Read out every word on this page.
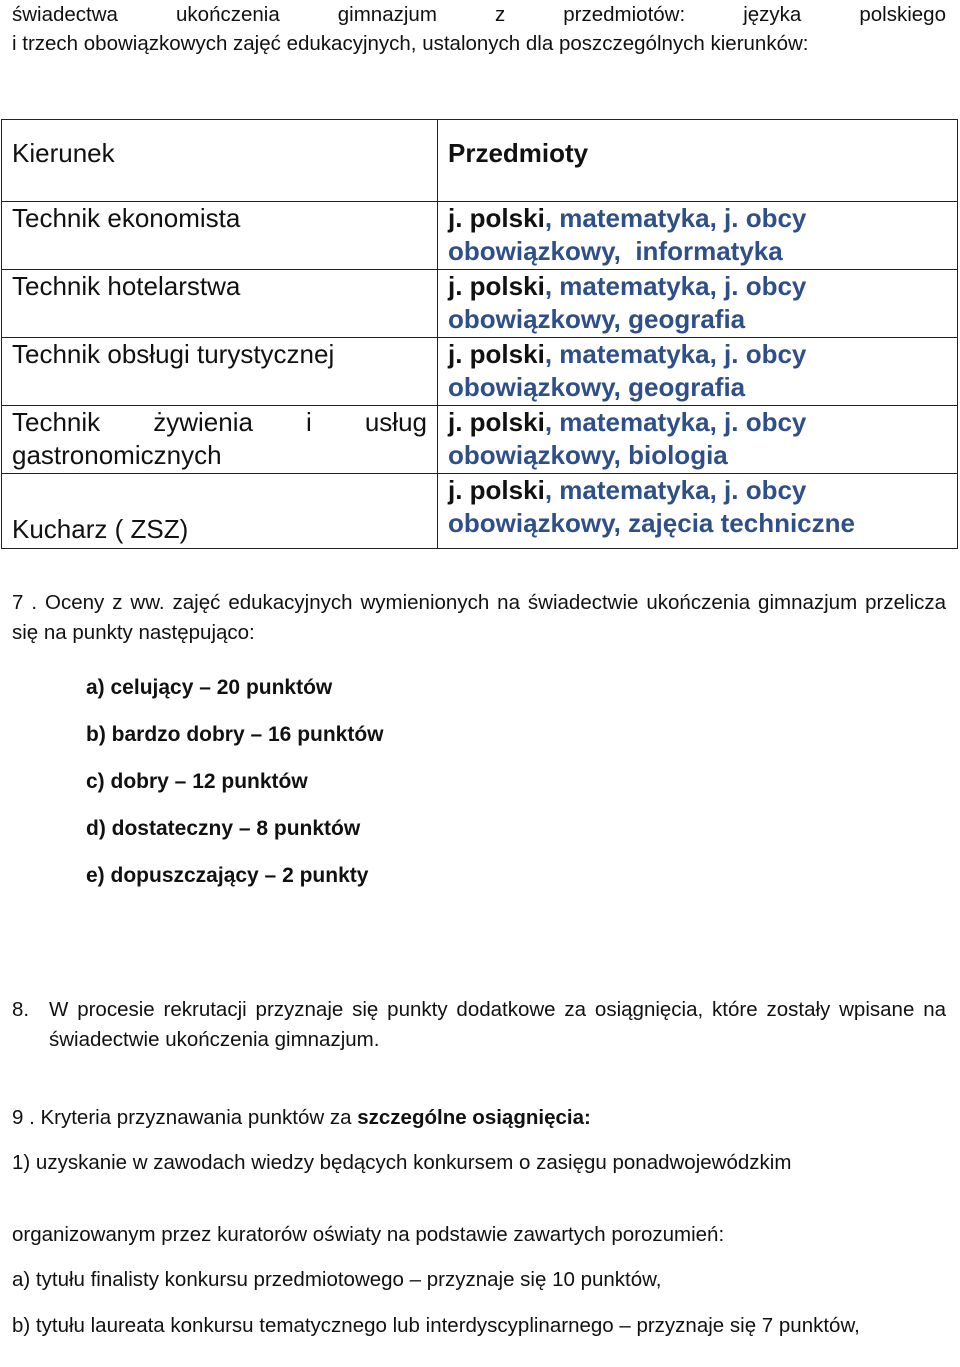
świadectwa ukończenia gimnazjum z przedmiotów: języka polskiego
i trzech obowiązkowych zajęć edukacyjnych, ustalonych dla poszczególnych kierunków:
Kierunek	Przedmioty
Technik ekonomista	j. polski, matematyka, j. obcy obowiązkowy,  informatyka
Technik hotelarstwa	j. polski, matematyka, j. obcy obowiązkowy, geografia
Technik obsługi turystycznej	j. polski, matematyka, j. obcy obowiązkowy, geografia
Technik żywienia i usług gastronomicznych	j. polski, matematyka, j. obcy obowiązkowy, biologia
Kucharz ( ZSZ)	j. polski, matematyka, j. obcy obowiązkowy, zajęcia techniczne
7 . Oceny z ww. zajęć edukacyjnych wymienionych na świadectwie ukończenia gimnazjum przelicza się na punkty następująco:
a) celujący – 20 punktów
b) bardzo dobry – 16 punktów
c) dobry – 12 punktów
d) dostateczny – 8 punktów
e) dopuszczający – 2 punkty
8. W procesie rekrutacji przyznaje się punkty dodatkowe za osiągnięcia, które zostały wpisane na świadectwie ukończenia gimnazjum.
9 . Kryteria przyznawania punktów za szczególne osiągnięcia:
1) uzyskanie w zawodach wiedzy będących konkursem o zasięgu ponadwojewódzkim
organizowanym przez kuratorów oświaty na podstawie zawartych porozumień:
a) tytułu finalisty konkursu przedmiotowego – przyznaje się 10 punktów,
b) tytułu laureata konkursu tematycznego lub interdyscyplinarnego – przyznaje się 7 punktów,
